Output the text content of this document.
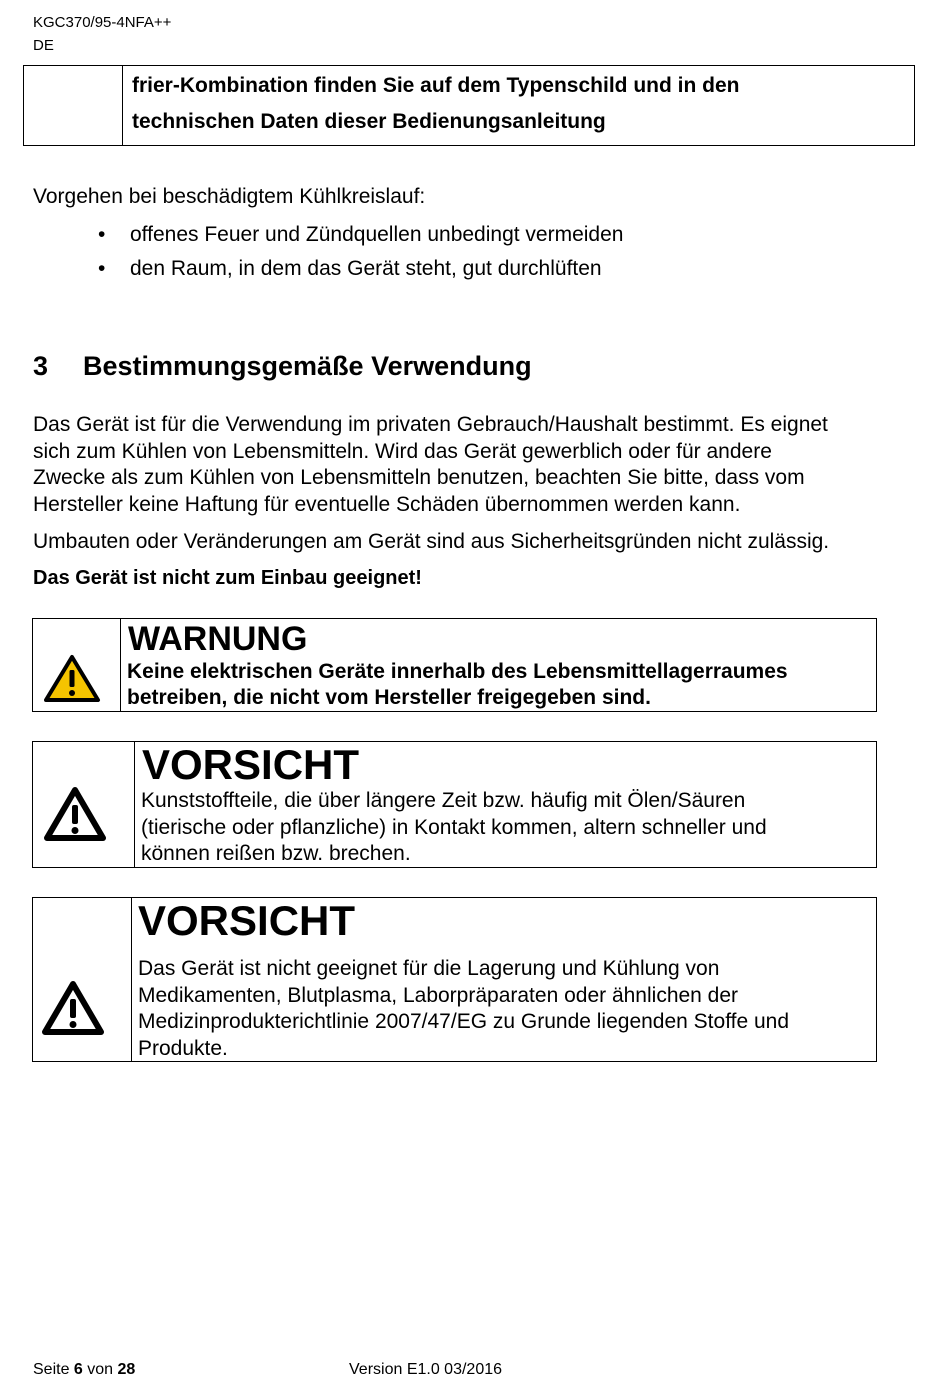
KGC370/95-4NFA++
DE
frier-Kombination finden Sie auf dem Typenschild und in den
technischen Daten dieser Bedienungsanleitung
Vorgehen bei beschädigtem Kühlkreislauf:
• offenes Feuer und Zündquellen unbedingt vermeiden
• den Raum, in dem das Gerät steht, gut durchlüften
3 Bestimmungsgemäße Verwendung
Das Gerät ist für die Verwendung im privaten Gebrauch/Haushalt bestimmt. Es eignet
sich zum Kühlen von Lebensmitteln. Wird das Gerät gewerblich oder für andere
Zwecke als zum Kühlen von Lebensmitteln benutzen, beachten Sie bitte, dass vom
Hersteller keine Haftung für eventuelle Schäden übernommen werden kann.
Umbauten oder Veränderungen am Gerät sind aus Sicherheitsgründen nicht zulässig.
Das Gerät ist nicht zum Einbau geeignet!
WARNUNG
Keine elektrischen Geräte innerhalb des Lebensmittellagerraumes
betreiben, die nicht vom Hersteller freigegeben sind.
VORSICHT
Kunststoffteile, die über längere Zeit bzw. häufig mit Ölen/Säuren
(tierische oder pflanzliche) in Kontakt kommen, altern schneller und
können reißen bzw. brechen.
VORSICHT
Das Gerät ist nicht geeignet für die Lagerung und Kühlung von
Medikamenten, Blutplasma, Laborpräparaten oder ähnlichen der
Medizinprodukterichtlinie 2007/47/EG zu Grunde liegenden Stoffe und
Produkte.
Seite 6 von 28	Version E1.0 03/2016
